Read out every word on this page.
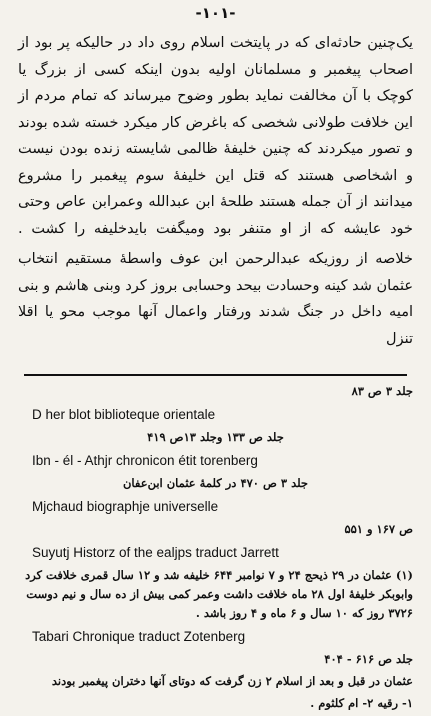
-۱۰۱-

یک‌چنین حادثه‌ای که در پایتخت اسلام روی داد در حالیکه پر بود از اصحاب پیغمبر و مسلمانان اولیه بدون اینکه کسی از بزرگ یا کوچک با آن مخالفت نماید بطور وضوح میرساند که تمام مردم از این خلافت طولانی شخصی که باغرض کار میکرد خسته شده بودند و تصور میکردند که چنین خلیفهٔ ظالمی شایسته زنده بودن نیست و اشخاصی هستند که قتل این خلیفهٔ سوم پیغمبر را مشروع میدانند از آن جمله هستند طلحهٔ ابن عبدالله وعمرابن عاص وحتی خود عایشه که از او متنفر بود ومیگفت بایدخلیفه را کشت .

خلاصه از روزیکه عبدالرحمن ابن عوف واسطهٔ مستقیم انتخاب عثمان شد کینه وحسادت بیحد وحسابی بروز کرد وبنی هاشم و بنی امیه داخل در جنگ شدند ورفتار واعمال آنها موجب محو یا اقلا تنزل

جلد ۳ ص ۸۳

D her blot biblioteque orientale

جلد ص ۱۳۳ وجلد ۱۳ص ۴۱۹

Ibn - él - Athjr chronicon étit torenberg

جلد ۳ ص ۴۷۰ در کلمهٔ عثمان ابن‌عفان

Mjchaud biographje universelle

ص ۱۶۷ و ۵۵۱

Suyutj Historz of the ealjps traduct Jarrett

(۱) عثمان در ۲۹ ذیحج ۲۴ و ۷ نوامبر ۶۴۴ خلیفه شد و ۱۲ سال قمری خلافت کرد وابوبکر خلیفهٔ اول ۲۸ ماه خلافت داشت وعمر کمی بیش از ده سال و نیم دوست ۳۷۲۶ روز که ۱۰ سال و ۶ ماه و ۴ روز باشد .

Tabari Chronique traduct Zotenberg

جلد ص ۶۱۶ - ۴۰۴

عثمان در قبل و بعد از اسلام ۲ زن گرفت که دوتای آنها دختران پیغمبر بودند

۱- رقیه ۲- ام کلثوم .
